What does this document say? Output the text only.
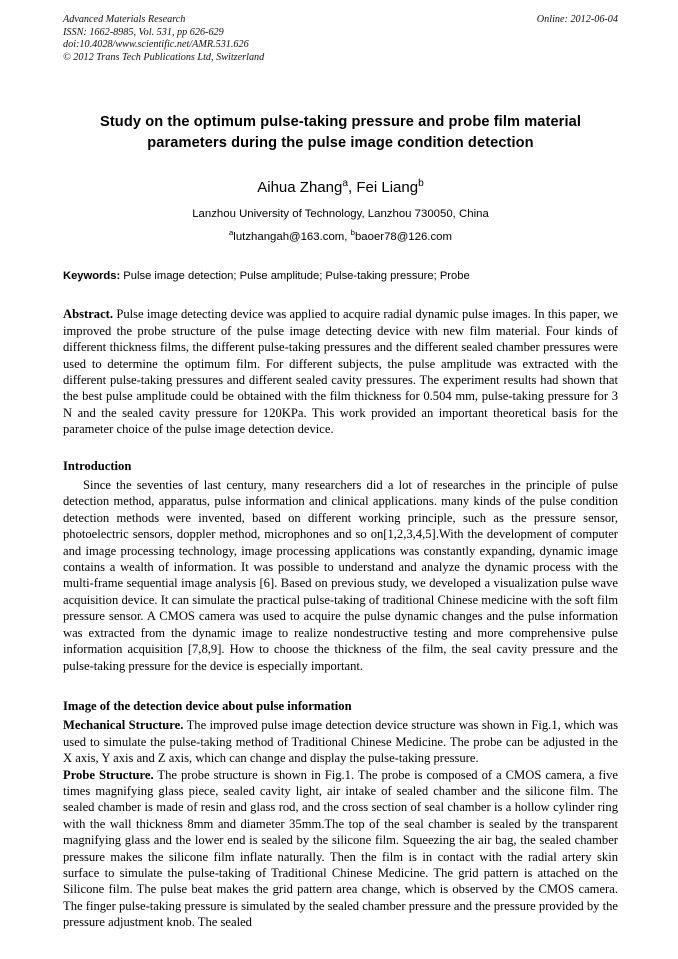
Advanced Materials Research
ISSN: 1662-8985, Vol. 531, pp 626-629
doi:10.4028/www.scientific.net/AMR.531.626
© 2012 Trans Tech Publications Ltd, Switzerland
Online: 2012-06-04
Study on the optimum pulse-taking pressure and probe film material parameters during the pulse image condition detection
Aihua Zhang$^a$, Fei Liang$^b$
Lanzhou University of Technology, Lanzhou 730050, China
$^a$lutzhangah@163.com, $^b$baoer78@126.com
Keywords: Pulse image detection; Pulse amplitude; Pulse-taking pressure; Probe
Abstract. Pulse image detecting device was applied to acquire radial dynamic pulse images. In this paper, we improved the probe structure of the pulse image detecting device with new film material. Four kinds of different thickness films, the different pulse-taking pressures and the different sealed chamber pressures were used to determine the optimum film. For different subjects, the pulse amplitude was extracted with the different pulse-taking pressures and different sealed cavity pressures. The experiment results had shown that the best pulse amplitude could be obtained with the film thickness for 0.504 mm, pulse-taking pressure for 3 N and the sealed cavity pressure for 120KPa. This work provided an important theoretical basis for the parameter choice of the pulse image detection device.
Introduction
Since the seventies of last century, many researchers did a lot of researches in the principle of pulse detection method, apparatus, pulse information and clinical applications. many kinds of the pulse condition detection methods were invented, based on different working principle, such as the pressure sensor, photoelectric sensors, doppler method, microphones and so on[1,2,3,4,5].With the development of computer and image processing technology, image processing applications was constantly expanding, dynamic image contains a wealth of information. It was possible to understand and analyze the dynamic process with the multi-frame sequential image analysis [6]. Based on previous study, we developed a visualization pulse wave acquisition device. It can simulate the practical pulse-taking of traditional Chinese medicine with the soft film pressure sensor. A CMOS camera was used to acquire the pulse dynamic changes and the pulse information was extracted from the dynamic image to realize nondestructive testing and more comprehensive pulse information acquisition [7,8,9]. How to choose the thickness of the film, the seal cavity pressure and the pulse-taking pressure for the device is especially important.
Image of the detection device about pulse information
Mechanical Structure. The improved pulse image detection device structure was shown in Fig.1, which was used to simulate the pulse-taking method of Traditional Chinese Medicine. The probe can be adjusted in the X axis, Y axis and Z axis, which can change and display the pulse-taking pressure.
Probe Structure. The probe structure is shown in Fig.1. The probe is composed of a CMOS camera, a five times magnifying glass piece, sealed cavity light, air intake of sealed chamber and the silicone film. The sealed chamber is made of resin and glass rod, and the cross section of seal chamber is a hollow cylinder ring with the wall thickness 8mm and diameter 35mm.The top of the seal chamber is sealed by the transparent magnifying glass and the lower end is sealed by the silicone film. Squeezing the air bag, the sealed chamber pressure makes the silicone film inflate naturally. Then the film is in contact with the radial artery skin surface to simulate the pulse-taking of Traditional Chinese Medicine. The grid pattern is attached on the Silicone film. The pulse beat makes the grid pattern area change, which is observed by the CMOS camera. The finger pulse-taking pressure is simulated by the sealed chamber pressure and the pressure provided by the pressure adjustment knob. The sealed
